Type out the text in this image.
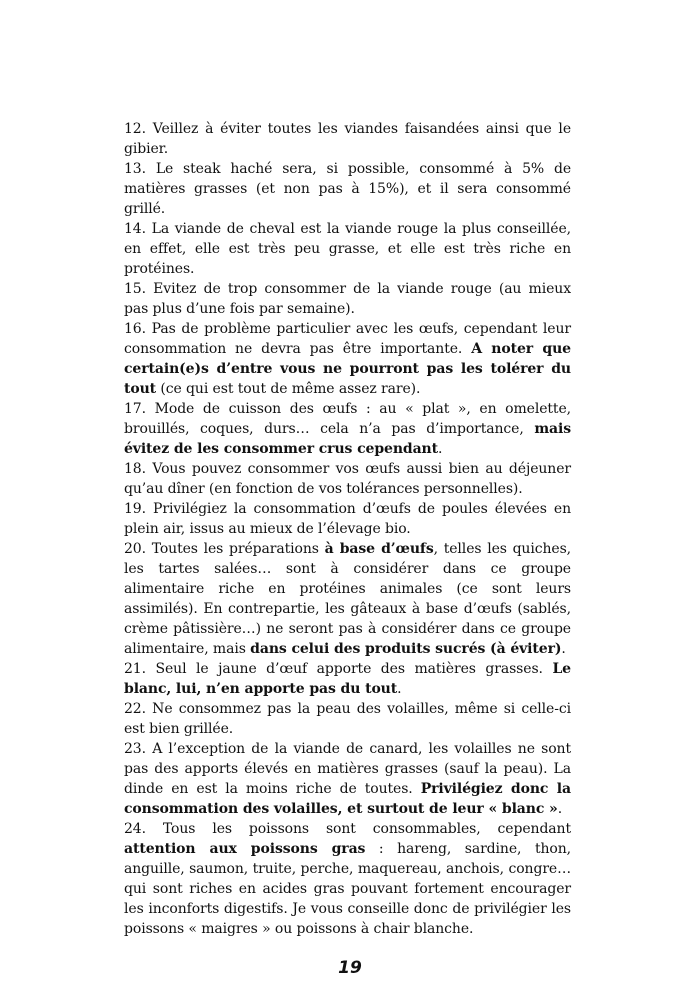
12. Veillez à éviter toutes les viandes faisandées ainsi que le gibier.

13. Le steak haché sera, si possible, consommé à 5% de matières grasses (et non pas à 15%), et il sera consommé grillé.

14. La viande de cheval est la viande rouge la plus conseillée, en effet, elle est très peu grasse, et elle est très riche en protéines.

15. Evitez de trop consommer de la viande rouge (au mieux pas plus d’une fois par semaine).

16. Pas de problème particulier avec les œufs, cependant leur consommation ne devra pas être importante. A noter que certain(e)s d’entre vous ne pourront pas les tolérer du tout (ce qui est tout de même assez rare).

17. Mode de cuisson des œufs : au « plat », en omelette, brouillés, coques, durs… cela n’a pas d’importance, mais évitez de les consommer crus cependant.

18. Vous pouvez consommer vos œufs aussi bien au déjeuner qu’au dîner (en fonction de vos tolérances personnelles).

19. Privilégiez la consommation d’œufs de poules élevées en plein air, issus au mieux de l’élevage bio.

20. Toutes les préparations à base d’œufs, telles les quiches, les tartes salées… sont à considérer dans ce groupe alimentaire riche en protéines animales (ce sont leurs assimilés). En contrepartie, les gâteaux à base d’œufs (sablés, crème pâtissière…) ne seront pas à considérer dans ce groupe alimentaire, mais dans celui des produits sucrés (à éviter).

21. Seul le jaune d’œuf apporte des matières grasses. Le blanc, lui, n’en apporte pas du tout.

22. Ne consommez pas la peau des volailles, même si celle-ci est bien grillée.

23. A l’exception de la viande de canard, les volailles ne sont pas des apports élevés en matières grasses (sauf la peau). La dinde en est la moins riche de toutes. Privilégiez donc la consommation des volailles, et surtout de leur « blanc ».

24. Tous les poissons sont consommables, cependant attention aux poissons gras : hareng, sardine, thon, anguille, saumon, truite, perche, maquereau, anchois, congre… qui sont riches en acides gras pouvant fortement encourager les inconforts digestifs. Je vous conseille donc de privilégier les poissons « maigres » ou poissons à chair blanche.

19
